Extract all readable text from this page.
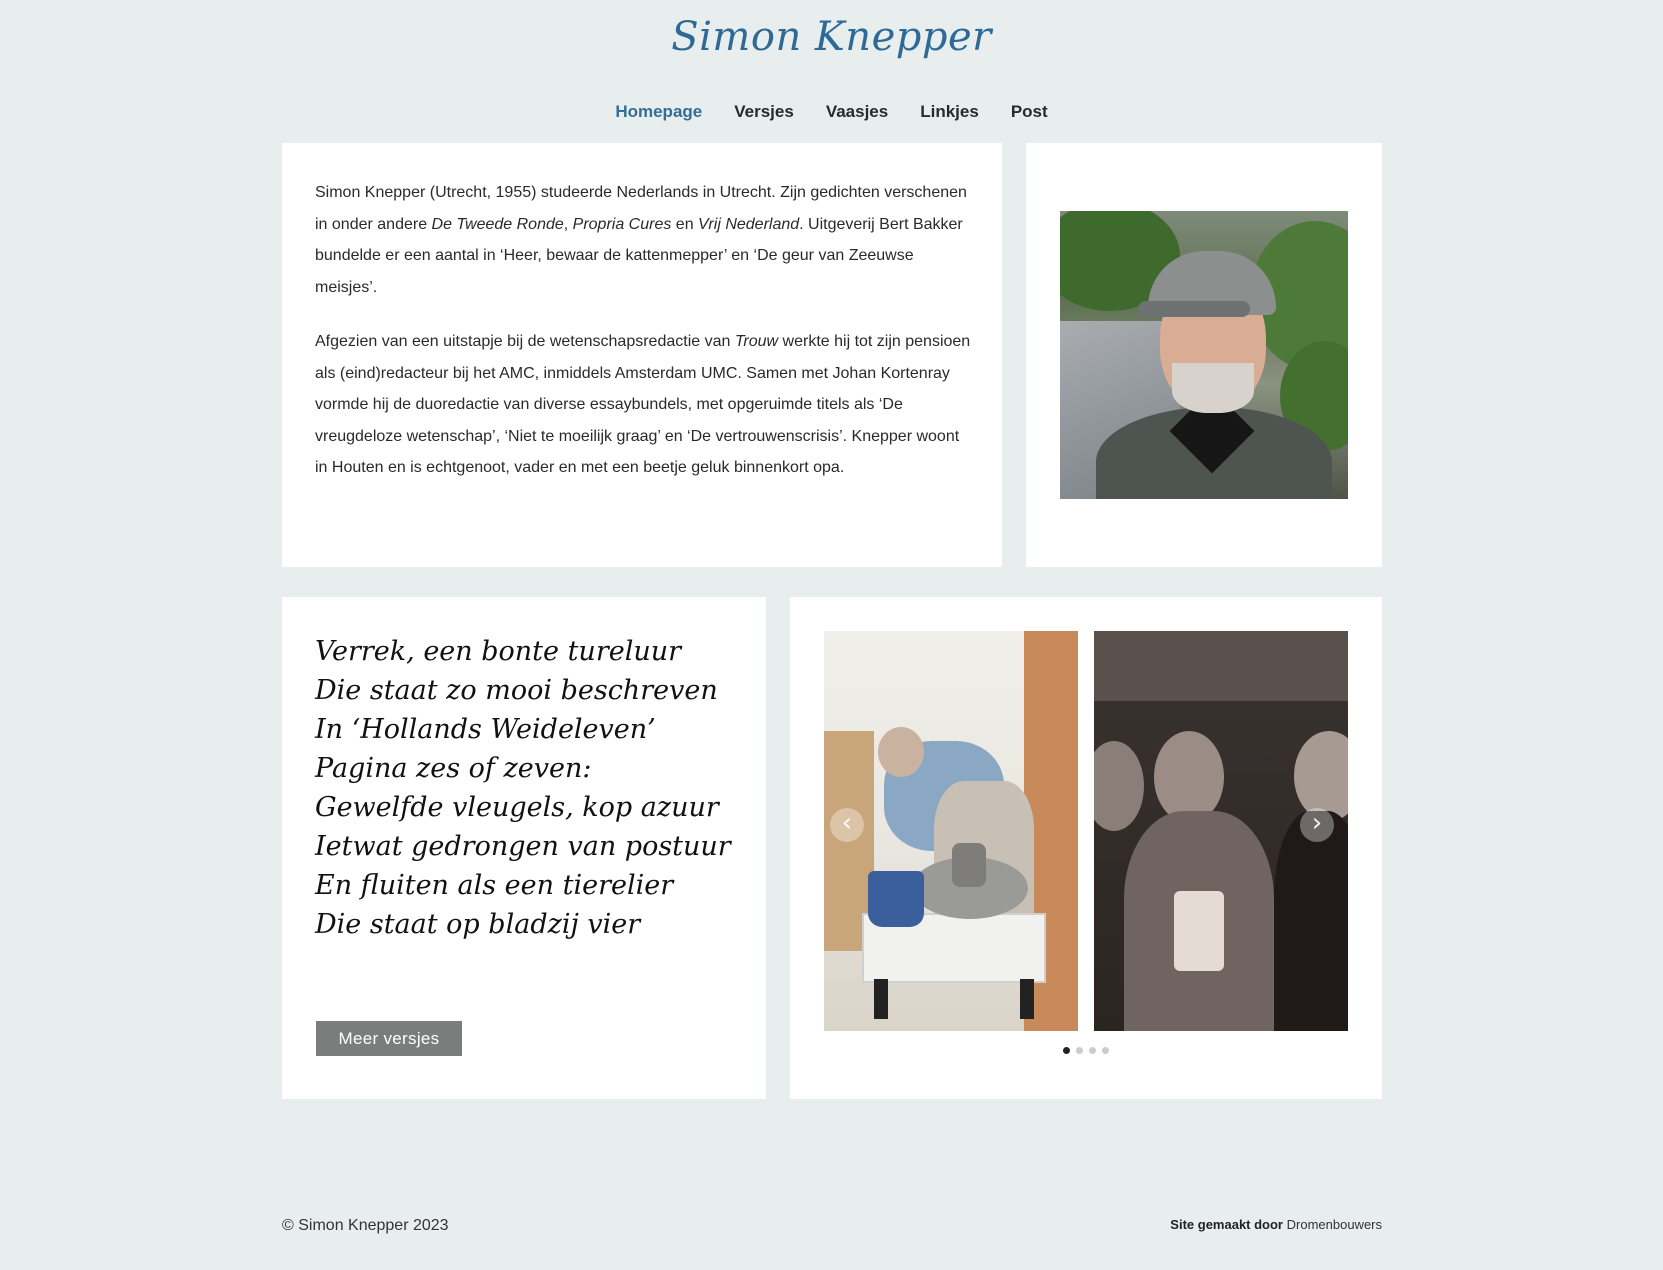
Simon Knepper
Homepage Versjes Vaasjes Linkjes Post

Simon Knepper (Utrecht, 1955) studeerde Nederlands in Utrecht. Zijn gedichten verschenen in onder andere De Tweede Ronde, Propria Cures en Vrij Nederland. Uitgeverij Bert Bakker bundelde er een aantal in ‘Heer, bewaar de kattenmepper’ en ‘De geur van Zeeuwse meisjes’.

Afgezien van een uitstapje bij de wetenschapsredactie van Trouw werkte hij tot zijn pensioen als (eind)redacteur bij het AMC, inmiddels Amsterdam UMC. Samen met Johan Kortenray vormde hij de duoredactie van diverse essaybundels, met opgeruimde titels als ‘De vreugdeloze wetenschap’, ‘Niet te moeilijk graag’ en ‘De vertrouwenscrisis’. Knepper woont in Houten en is echtgenoot, vader en met een beetje geluk binnenkort opa.

Verrek, een bonte tureluur
Die staat zo mooi beschreven
In ‘Hollands Weideleven’
Pagina zes of zeven:
Gewelfde vleugels, kop azuur
Ietwat gedrongen van postuur
En fluiten als een tierelier
Die staat op bladzij vier
Meer versjes
‹	›

© Simon Knepper 2023	Site gemaakt door Dromenbouwers
